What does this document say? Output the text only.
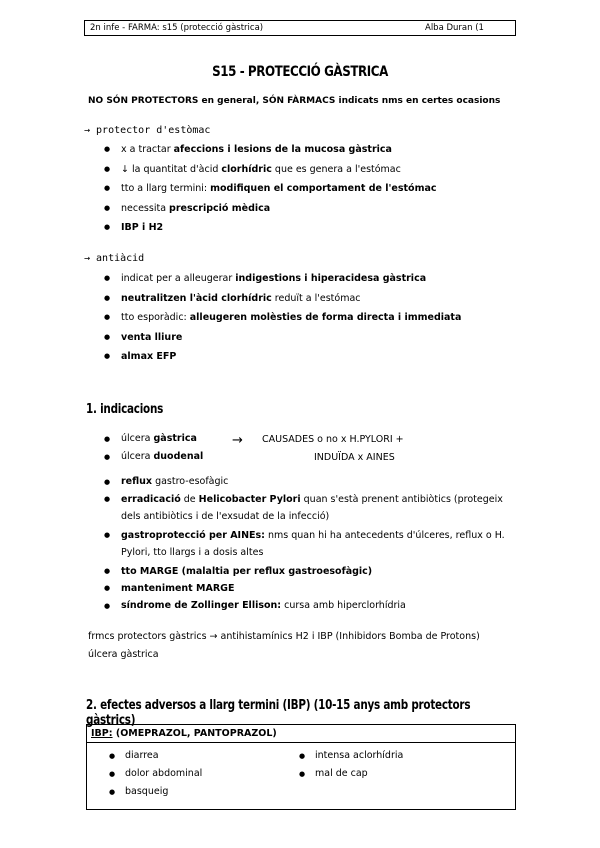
2n infe - FARMA: s15 (protecció gàstrica)	Alba Duran (1
S15 - PROTECCIÓ GÀSTRICA
NO SÓN PROTECTORS en general, SÓN FÀRMACS indicats nms en certes ocasions
→ protector d'estòmac
● x a tractar afeccions i lesions de la mucosa gàstrica
● ↓ la quantitat d'àcid clorhídric que es genera a l'estómac
● tto a llarg termini: modifiquen el comportament de l'estómac
● necessita prescripció mèdica
● IBP i H2
→ antiàcid
● indicat per a alleugerar indigestions i hiperacidesa gàstrica
● neutralitzen l'àcid clorhídric reduït a l'estómac
● tto esporàdic: alleugeren molèsties de forma directa i immediata
● venta lliure
● almax EFP
1. indicacions
● úlcera gàstrica
● úlcera duodenal
→ CAUSADES o no x H.PYLORI +
INDUÏDA x AINES
● reflux gastro-esofàgic
● erradicació de Helicobacter Pylori quan s'està prenent antibiòtics (protegeix dels antibiòtics i de l'exsudat de la infecció)
● gastroprotecció per AINEs: nms quan hi ha antecedents d'úlceres, reflux o H. Pylori, tto llargs i a dosis altes
● tto MARGE (malaltia per reflux gastroesofàgic)
● manteniment MARGE
● síndrome de Zollinger Ellison: cursa amb hiperclorhídria
frmcs protectors gàstrics → antihistamínics H2 i IBP (Inhibidors Bomba de Protons)
úlcera gàstrica
2. efectes adversos a llarg termini (IBP) (10-15 anys amb protectors gàstrics)
IBP: (OMEPRAZOL, PANTOPRAZOL)
● diarrea
● dolor abdominal
● basqueig
● intensa aclorhídria
● mal de cap
